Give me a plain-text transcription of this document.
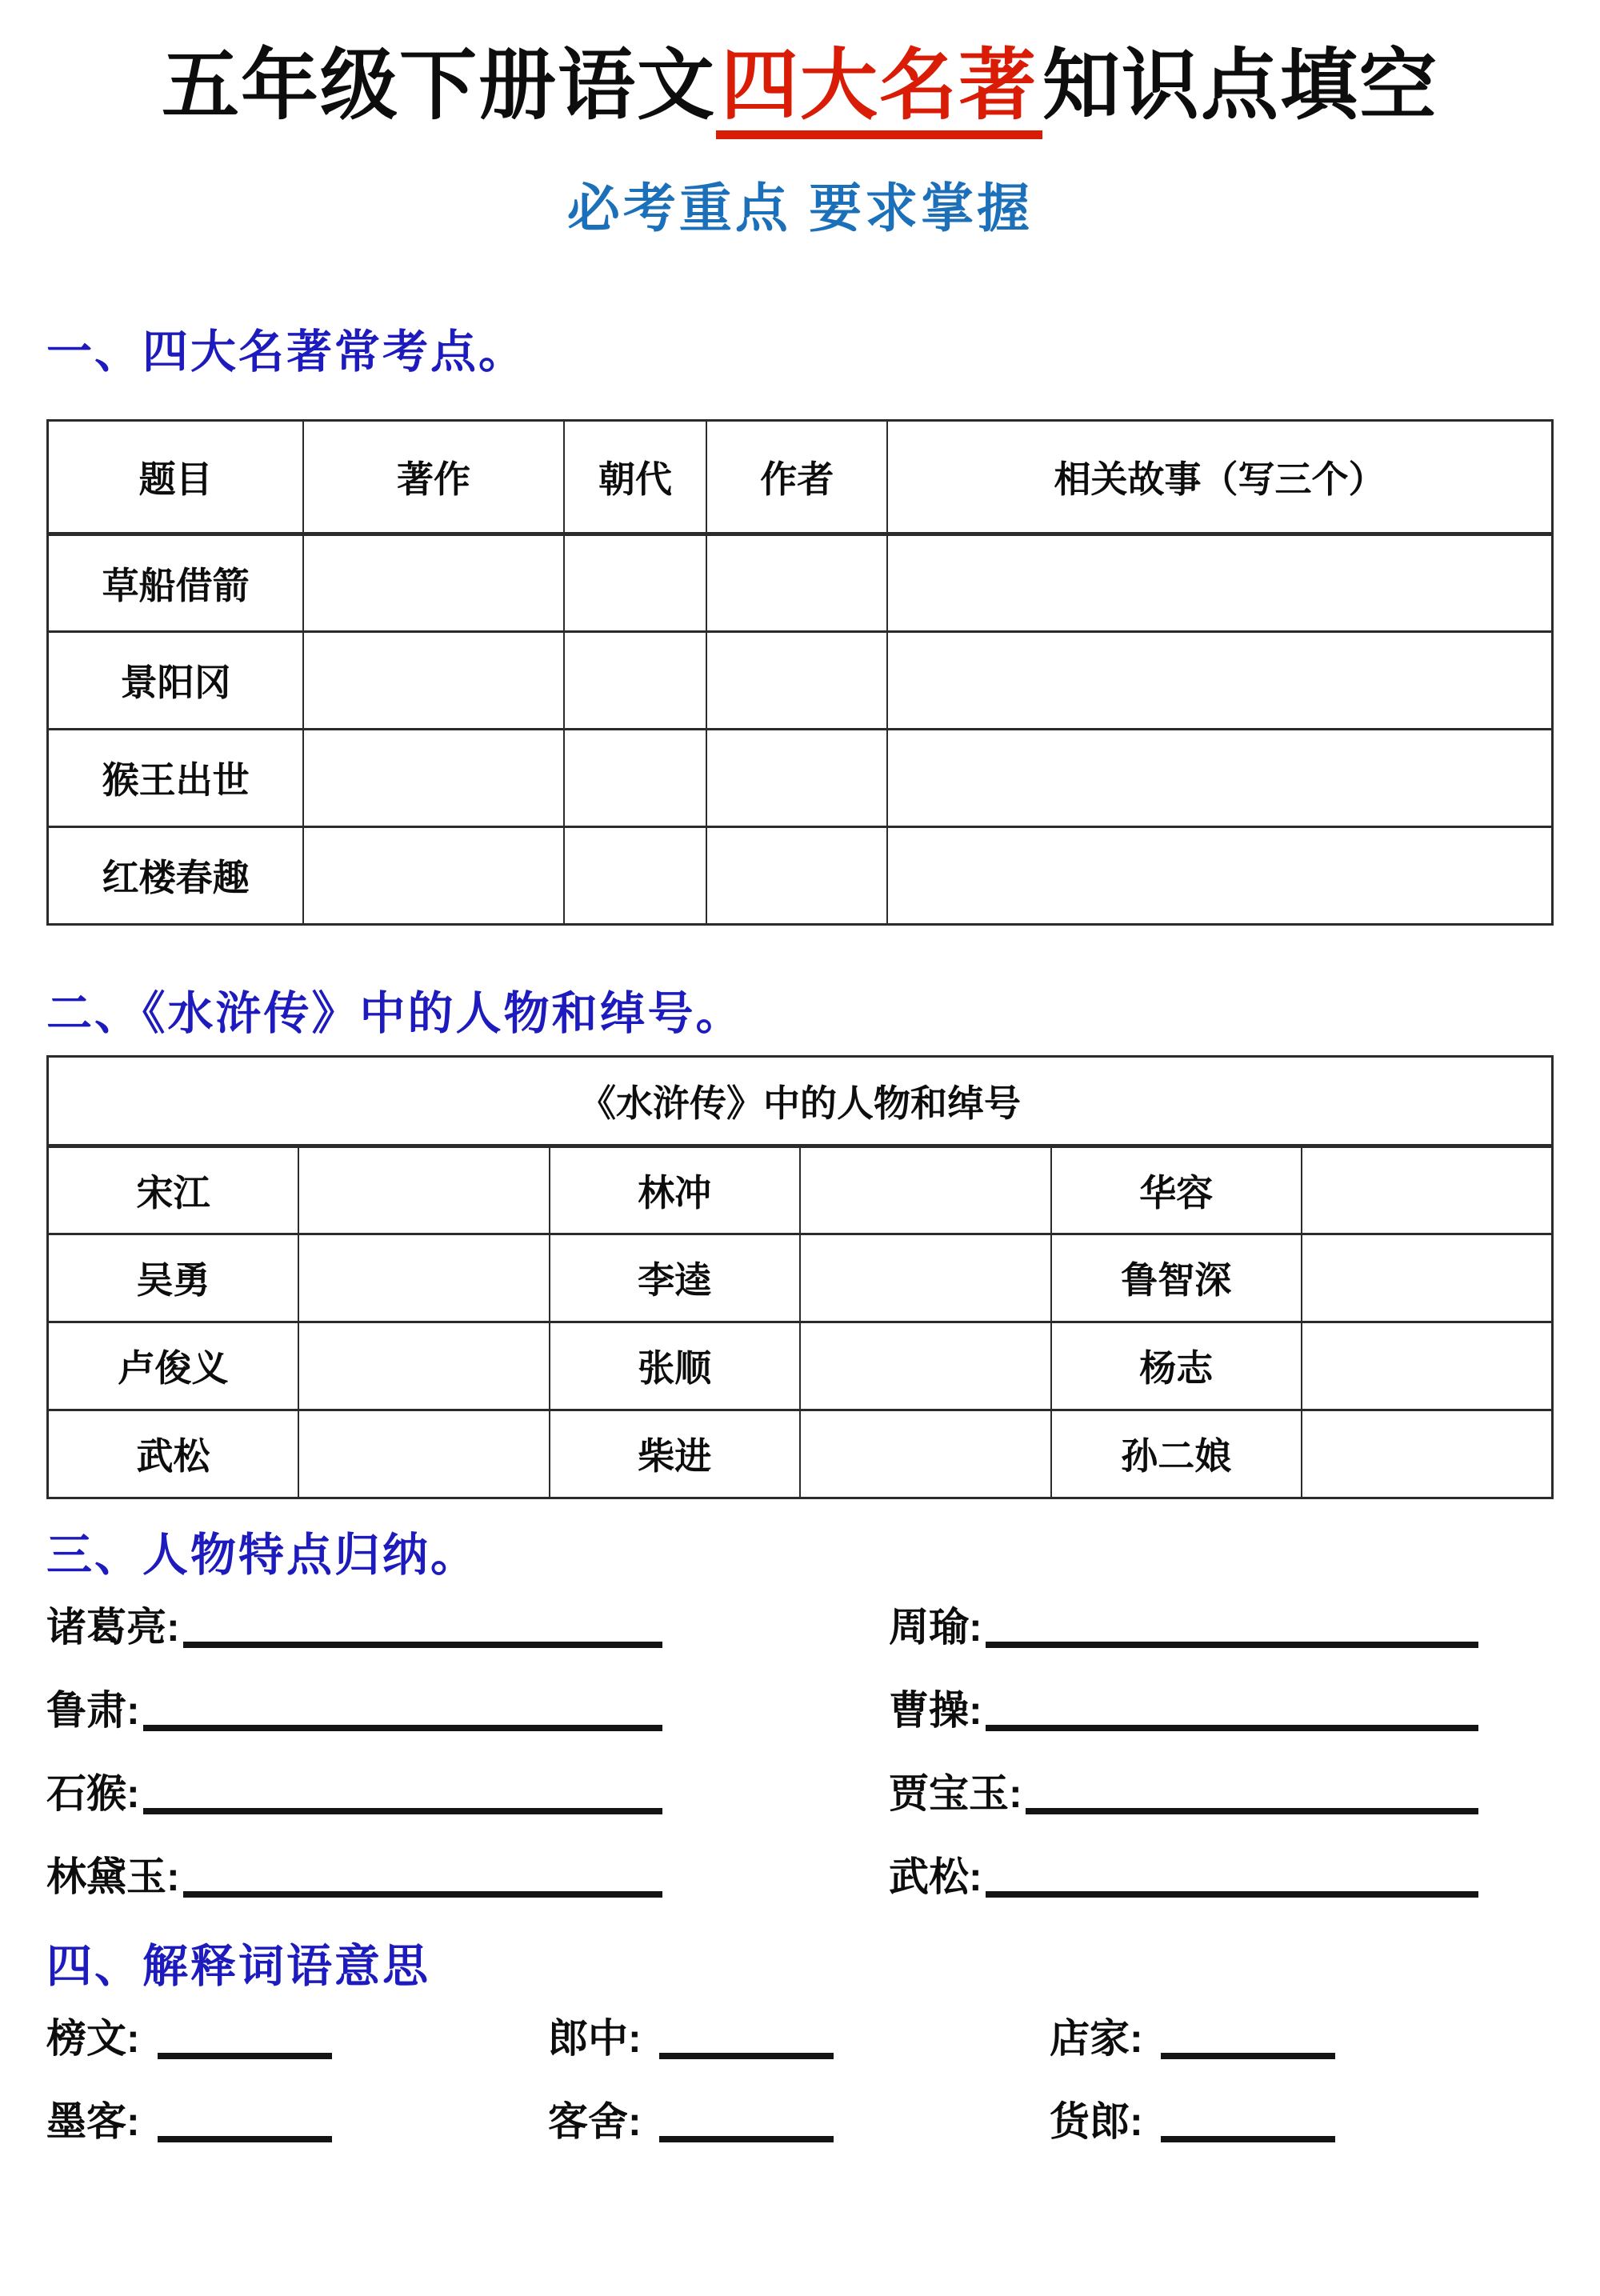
五年级下册语文四大名著知识点填空
必考重点 要求掌握
一、四大名著常考点。
题目	著作	朝代	作者	相关故事（写三个）
草船借箭				
景阳冈				
猴王出世				
红楼春趣				
二、《水浒传》中的人物和绰号。
《水浒传》中的人物和绰号					
宋江		林冲		华容	
吴勇		李逵		鲁智深	
卢俊义		张顺		杨志	
武松		柴进		孙二娘	
三、人物特点归纳。
诸葛亮:	周瑜:
鲁肃:	曹操:
石猴:	贾宝玉:
林黛玉:	武松:
四、解释词语意思
榜文:	郎中:	店家:
墨客:	客舍:	货郎:
